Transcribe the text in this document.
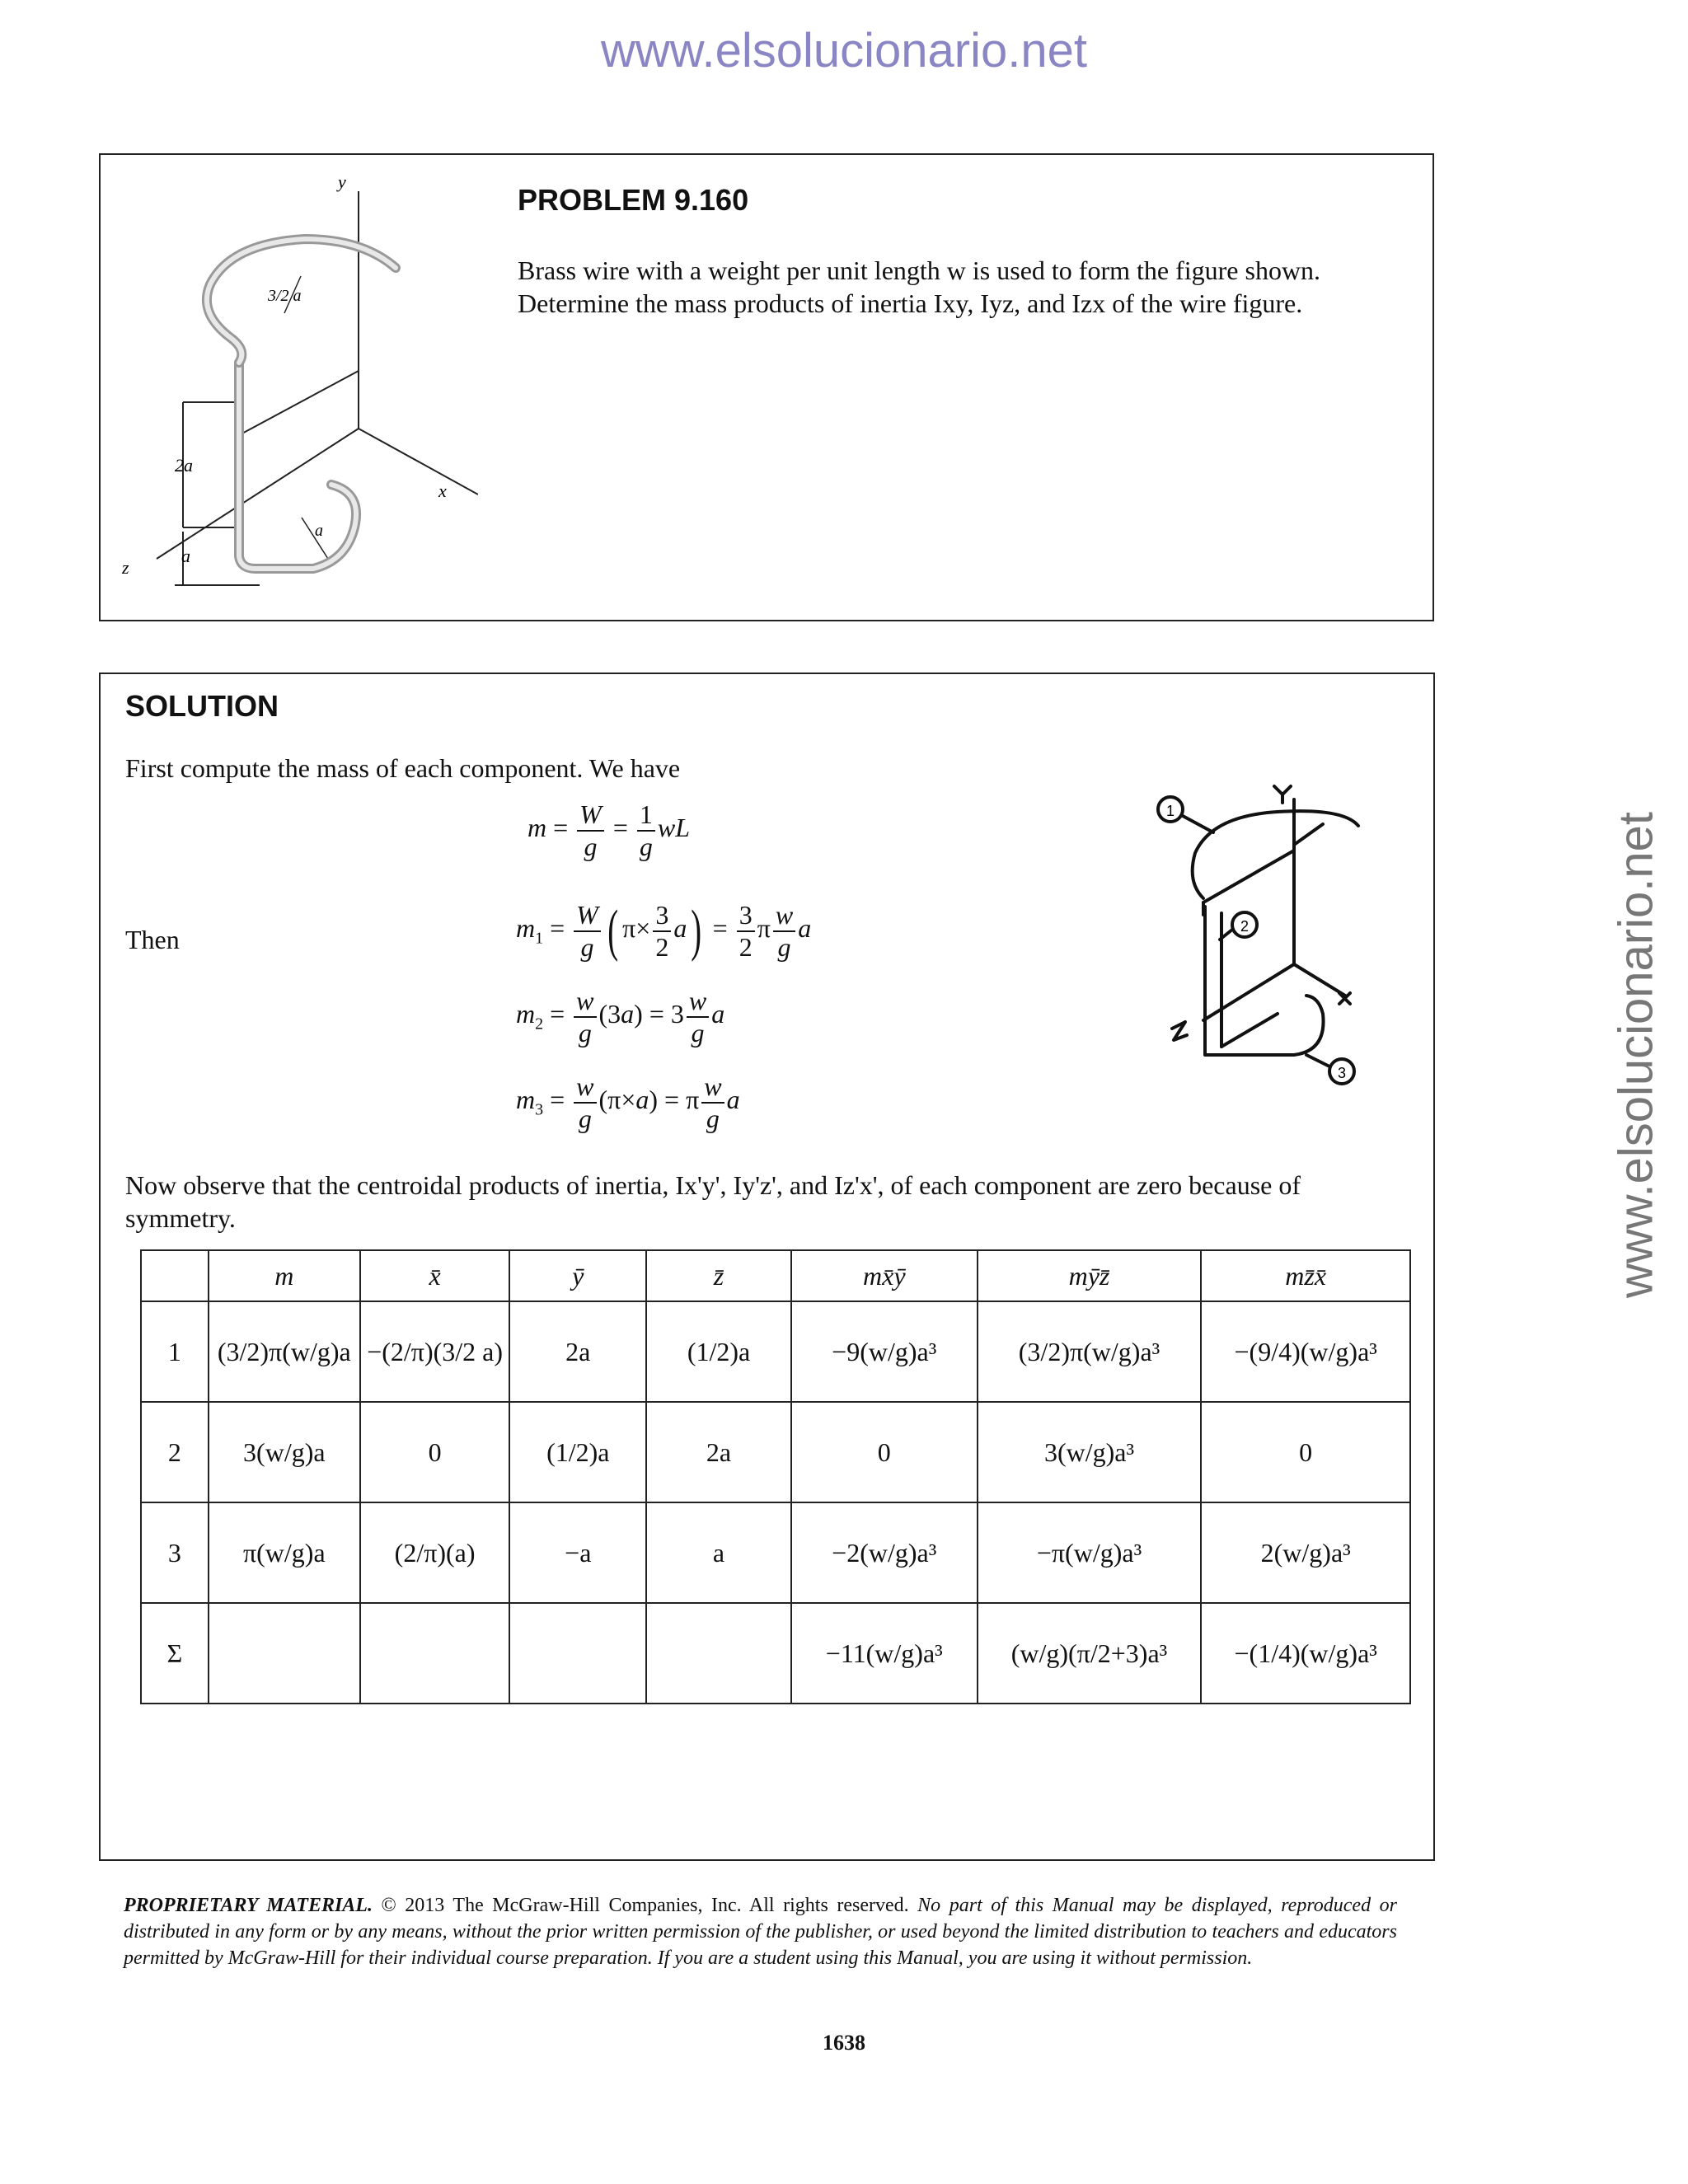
www.elsolucionario.net
www.elsolucionario.net
y
x
z
2a
a
3/2 a
a
PROBLEM 9.160
Brass wire with a weight per unit length w is used to form the figure shown.
Determine the mass products of inertia Ixy, Iyz, and Izx of the wire figure.
SOLUTION
First compute the mass of each component. We have
$m = \frac{W}{g} = \frac{1}{g}$ wL
Then	$m_1 = \frac{W}{g}$ ( $\pi\times \frac{3}{2} a) = \frac{3}{2}$ π $\frac{w}{g}$ a
$m_2 = \frac{w}{g} (3a) = 3 \frac{w}{g}$ a
$m_3 = \frac{w}{g} (\pi\times a) = \pi \frac{w}{g}$ a
1
2
3
Now observe that the centroidal products of inertia, Ix'y', Iy'z', and Iz'x', of each component are zero because of
symmetry.
	m	x̄	ȳ	z̄	mx̄ȳ	mȳz̄	mz̄x̄
1	(3/2)π(w/g)a	−(2/π)(3/2 a)	2a	(1/2)a	−9(w/g)a³	(3/2)π(w/g)a³	−(9/4)(w/g)a³
2	3(w/g)a	0	(1/2)a	2a	0	3(w/g)a³	0
3	π(w/g)a	(2/π)(a)	−a	a	−2(w/g)a³	−π(w/g)a³	2(w/g)a³
Σ					−11(w/g)a³	(w/g)(π/2+3)a³	−(1/4)(w/g)a³
PROPRIETARY MATERIAL. © 2013 The McGraw-Hill Companies, Inc. All rights reserved. No part of this Manual may be displayed, reproduced or distributed in any form or by any means, without the prior written permission of the publisher, or used beyond the limited distribution to teachers and educators permitted by McGraw-Hill for their individual course preparation. If you are a student using this Manual, you are using it without permission.
1638
